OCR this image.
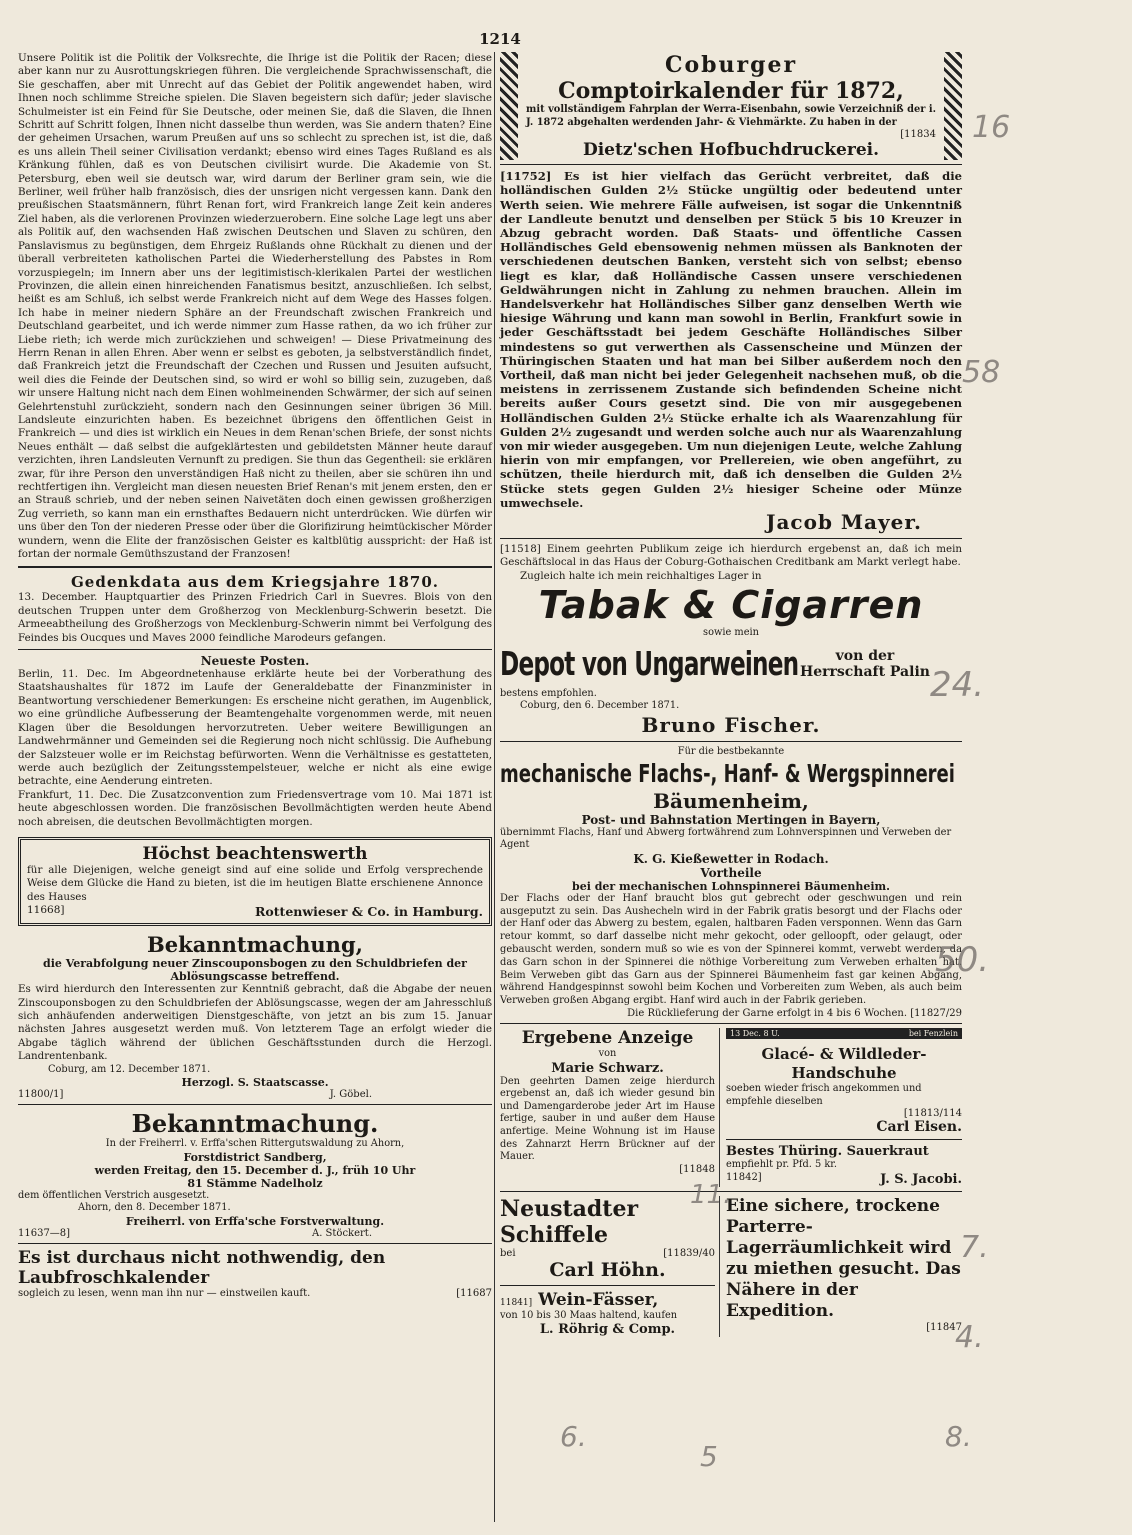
1214

Unsere Politik ist die Politik der Volksrechte, die Ihrige ist die Politik der Racen; diese aber kann nur zu Ausrottungskriegen führen. Die vergleichende Sprachwissenschaft, die Sie geschaffen, aber mit Unrecht auf das Gebiet der Politik angewendet haben, wird Ihnen noch schlimme Streiche spielen. Die Slaven begeistern sich dafür; jeder slavische Schulmeister ist ein Feind für Sie Deutsche, oder meinen Sie, daß die Slaven, die Ihnen Schritt auf Schritt folgen, Ihnen nicht dasselbe thun werden, was Sie andern thaten? Eine der geheimen Ursachen, warum Preußen auf uns so schlecht zu sprechen ist, ist die, daß es uns allein Theil seiner Civilisation verdankt; ebenso wird eines Tages Rußland es als Kränkung fühlen, daß es von Deutschen civilisirt wurde. Die Akademie von St. Petersburg, eben weil sie deutsch war, wird darum der Berliner gram sein, wie die Berliner, weil früher halb französisch, dies der unsrigen nicht vergessen kann. Dank den preußischen Staatsmännern, führt Renan fort, wird Frankreich lange Zeit kein anderes Ziel haben, als die verlorenen Provinzen wiederzuerobern. Eine solche Lage legt uns aber als Politik auf, den wachsenden Haß zwischen Deutschen und Slaven zu schüren, den Panslavismus zu begünstigen, dem Ehrgeiz Rußlands ohne Rückhalt zu dienen und der überall verbreiteten katholischen Partei die Wiederherstellung des Pabstes in Rom vorzuspiegeln; im Innern aber uns der legitimistisch-klerikalen Partei der westlichen Provinzen, die allein einen hinreichenden Fanatismus besitzt, anzuschließen. Ich selbst, heißt es am Schluß, ich selbst werde Frankreich nicht auf dem Wege des Hasses folgen. Ich habe in meiner niedern Sphäre an der Freundschaft zwischen Frankreich und Deutschland gearbeitet, und ich werde nimmer zum Hasse rathen, da wo ich früher zur Liebe rieth; ich werde mich zurückziehen und schweigen! — Diese Privatmeinung des Herrn Renan in allen Ehren. Aber wenn er selbst es geboten, ja selbstverständlich findet, daß Frankreich jetzt die Freundschaft der Czechen und Russen und Jesuiten aufsucht, weil dies die Feinde der Deutschen sind, so wird er wohl so billig sein, zuzugeben, daß wir unsere Haltung nicht nach dem Einen wohlmeinenden Schwärmer, der sich auf seinen Gelehrtenstuhl zurückzieht, sondern nach den Gesinnungen seiner übrigen 36 Mill. Landsleute einzurichten haben. Es bezeichnet übrigens den öffentlichen Geist in Frankreich — und dies ist wirklich ein Neues in dem Renan'schen Briefe, der sonst nichts Neues enthält — daß selbst die aufgeklärtesten und gebildetsten Männer heute darauf verzichten, ihren Landsleuten Vernunft zu predigen. Sie thun das Gegentheil: sie erklären zwar, für ihre Person den unverständigen Haß nicht zu theilen, aber sie schüren ihn und rechtfertigen ihn. Vergleicht man diesen neuesten Brief Renan's mit jenem ersten, den er an Strauß schrieb, und der neben seinen Naivetäten doch einen gewissen großherzigen Zug verrieth, so kann man ein ernsthaftes Bedauern nicht unterdrücken. Wie dürfen wir uns über den Ton der niederen Presse oder über die Glorifizirung heimtückischer Mörder wundern, wenn die Elite der französischen Geister es kaltblütig ausspricht: der Haß ist fortan der normale Gemüthszustand der Franzosen!

Gedenkdata aus dem Kriegsjahre 1870.

13. December. Hauptquartier des Prinzen Friedrich Carl in Suevres. Blois von den deutschen Truppen unter dem Großherzog von Mecklenburg-Schwerin besetzt. Die Armeeabtheilung des Großherzogs von Mecklenburg-Schwerin nimmt bei Verfolgung des Feindes bis Oucques und Maves 2000 feindliche Marodeurs gefangen.

Neueste Posten.

Berlin, 11. Dec. Im Abgeordnetenhause erklärte heute bei der Vorberathung des Staatshaushaltes für 1872 im Laufe der Generaldebatte der Finanzminister in Beantwortung verschiedener Bemerkungen: Es erscheine nicht gerathen, im Augenblick, wo eine gründliche Aufbesserung der Beamtengehalte vorgenommen werde, mit neuen Klagen über die Besoldungen hervorzutreten. Ueber weitere Bewilligungen an Landwehrmänner und Gemeinden sei die Regierung noch nicht schlüssig. Die Aufhebung der Salzsteuer wolle er im Reichstag befürworten. Wenn die Verhältnisse es gestatteten, werde auch bezüglich der Zeitungsstempelsteuer, welche er nicht als eine ewige betrachte, eine Aenderung eintreten.

Frankfurt, 11. Dec. Die Zusatzconvention zum Friedensvertrage vom 10. Mai 1871 ist heute abgeschlossen worden. Die französischen Bevollmächtigten werden heute Abend noch abreisen, die deutschen Bevollmächtigten morgen.

Höchst beachtenswerth

für alle Diejenigen, welche geneigt sind auf eine solide und Erfolg versprechende Weise dem Glücke die Hand zu bieten, ist die im heutigen Blatte erschienene Annonce des Hauses

11668]	Rottenwieser & Co. in Hamburg.
Bekanntmachung,
die Verabfolgung neuer Zinscouponsbogen zu den Schuldbriefen der Ablösungscasse betreffend.

Es wird hierdurch den Interessenten zur Kenntniß gebracht, daß die Abgabe der neuen Zinscouponsbogen zu den Schuldbriefen der Ablösungscasse, wegen der am Jahresschluß sich anhäufenden anderweitigen Dienstgeschäfte, von jetzt an bis zum 15. Januar nächsten Jahres ausgesetzt werden muß. Von letzterem Tage an erfolgt wieder die Abgabe täglich während der üblichen Geschäftsstunden durch die Herzogl. Landrentenbank.

Coburg, am 12. December 1871.
Herzogl. S. Staatscasse.
11800/1]	J. Göbel.
Bekanntmachung.
In der Freiherrl. v. Erffa'schen Rittergutswaldung zu Ahorn,
Forstdistrict Sandberg,
werden Freitag, den 15. December d. J., früh 10 Uhr
81 Stämme Nadelholz
dem öffentlichen Verstrich ausgesetzt.
Ahorn, den 8. December 1871.
Freiherrl. von Erffa'sche Forstverwaltung.
11637—8]	A. Stöckert.
Es ist durchaus nicht nothwendig, den Laubfroschkalender
sogleich zu lesen, wenn man ihn nur — einstweilen kauft.	[11687
Coburger
Comptoirkalender für 1872,
mit vollständigem Fahrplan der Werra-Eisenbahn, sowie Verzeichniß der i. J. 1872 abgehalten werdenden Jahr- & Viehmärkte. Zu haben in der
[11834
Dietz'schen Hofbuchdruckerei.

[11752] Es ist hier vielfach das Gerücht verbreitet, daß die holländischen Gulden 2½ Stücke ungültig oder bedeutend unter Werth seien. Wie mehrere Fälle aufweisen, ist sogar die Unkenntniß der Landleute benutzt und denselben per Stück 5 bis 10 Kreuzer in Abzug gebracht worden. Daß Staats- und öffentliche Cassen Holländisches Geld ebensowenig nehmen müssen als Banknoten der verschiedenen deutschen Banken, versteht sich von selbst; ebenso liegt es klar, daß Holländische Cassen unsere verschiedenen Geldwährungen nicht in Zahlung zu nehmen brauchen. Allein im Handelsverkehr hat Holländisches Silber ganz denselben Werth wie hiesige Währung und kann man sowohl in Berlin, Frankfurt sowie in jeder Geschäftsstadt bei jedem Geschäfte Holländisches Silber mindestens so gut verwerthen als Cassenscheine und Münzen der Thüringischen Staaten und hat man bei Silber außerdem noch den Vortheil, daß man nicht bei jeder Gelegenheit nachsehen muß, ob die meistens in zerrissenem Zustande sich befindenden Scheine nicht bereits außer Cours gesetzt sind. Die von mir ausgegebenen Holländischen Gulden 2½ Stücke erhalte ich als Waarenzahlung für Gulden 2½ zugesandt und werden solche auch nur als Waarenzahlung von mir wieder ausgegeben. Um nun diejenigen Leute, welche Zahlung hierin von mir empfangen, vor Prellereien, wie oben angeführt, zu schützen, theile hierdurch mit, daß ich denselben die Gulden 2½ Stücke stets gegen Gulden 2½ hiesiger Scheine oder Münze umwechsele.

Jacob Mayer.

[11518] Einem geehrten Publikum zeige ich hierdurch ergebenst an, daß ich mein Geschäftslocal in das Haus der Coburg-Gothaischen Creditbank am Markt verlegt habe.

Zugleich halte ich mein reichhaltiges Lager in

Tabak & Cigarren
sowie mein
Depot von Ungarweinen	von der
Herrschaft Palin
bestens empfohlen.
Coburg, den 6. December 1871.
Bruno Fischer.
Für die bestbekannte
mechanische Flachs-, Hanf- & Wergspinnerei
Bäumenheim,
Post- und Bahnstation Mertingen in Bayern,
übernimmt Flachs, Hanf und Abwerg fortwährend zum Lohnverspinnen und Verweben der Agent
K. G. Kießewetter in Rodach.
Vortheile
bei der mechanischen Lohnspinnerei Bäumenheim.

Der Flachs oder der Hanf braucht blos gut gebrecht oder geschwungen und rein ausgeputzt zu sein. Das Aushecheln wird in der Fabrik gratis besorgt und der Flachs oder der Hanf oder das Abwerg zu bestem, egalen, haltbaren Faden versponnen. Wenn das Garn retour kommt, so darf dasselbe nicht mehr gekocht, oder gelloopft, oder gelaugt, oder gebauscht werden, sondern muß so wie es von der Spinnerei kommt, verwebt werden, da das Garn schon in der Spinnerei die nöthige Vorbereitung zum Verweben erhalten hat. Beim Verweben gibt das Garn aus der Spinnerei Bäumenheim fast gar keinen Abgang, während Handgespinnst sowohl beim Kochen und Vorbereiten zum Weben, als auch beim Verweben großen Abgang ergibt. Hanf wird auch in der Fabrik gerieben.

Die Rücklieferung der Garne erfolgt in 4 bis 6 Wochen. [11827/29
Ergebene Anzeige
von
Marie Schwarz.

Den geehrten Damen zeige hierdurch ergebenst an, daß ich wieder gesund bin und Damengarderobe jeder Art im Hause fertige, sauber in und außer dem Hause anfertige. Meine Wohnung ist im Hause des Zahnarzt Herrn Brückner auf der Mauer.

[11848
13 Dec. 8 U.	bei Fenzlein
Glacé- & Wildleder-Handschuhe

soeben wieder frisch angekommen und empfehle dieselben

[11813/114
Carl Eisen.
Bestes Thüring. Sauerkraut
empfiehlt pr. Pfd. 5 kr.
11842]	J. S. Jacobi.
Neustadter Schiffele
bei	[11839/40
Carl Höhn.
11841] Wein-Fässer,
von 10 bis 30 Maas haltend, kaufen
L. Röhrig & Comp.

Eine sichere, trockene Parterre-Lagerräumlichkeit wird zu miethen gesucht. Das Nähere in der Expedition.

[11847
16
58
24.
50.
11.
7.
4.
6.
5
8.
